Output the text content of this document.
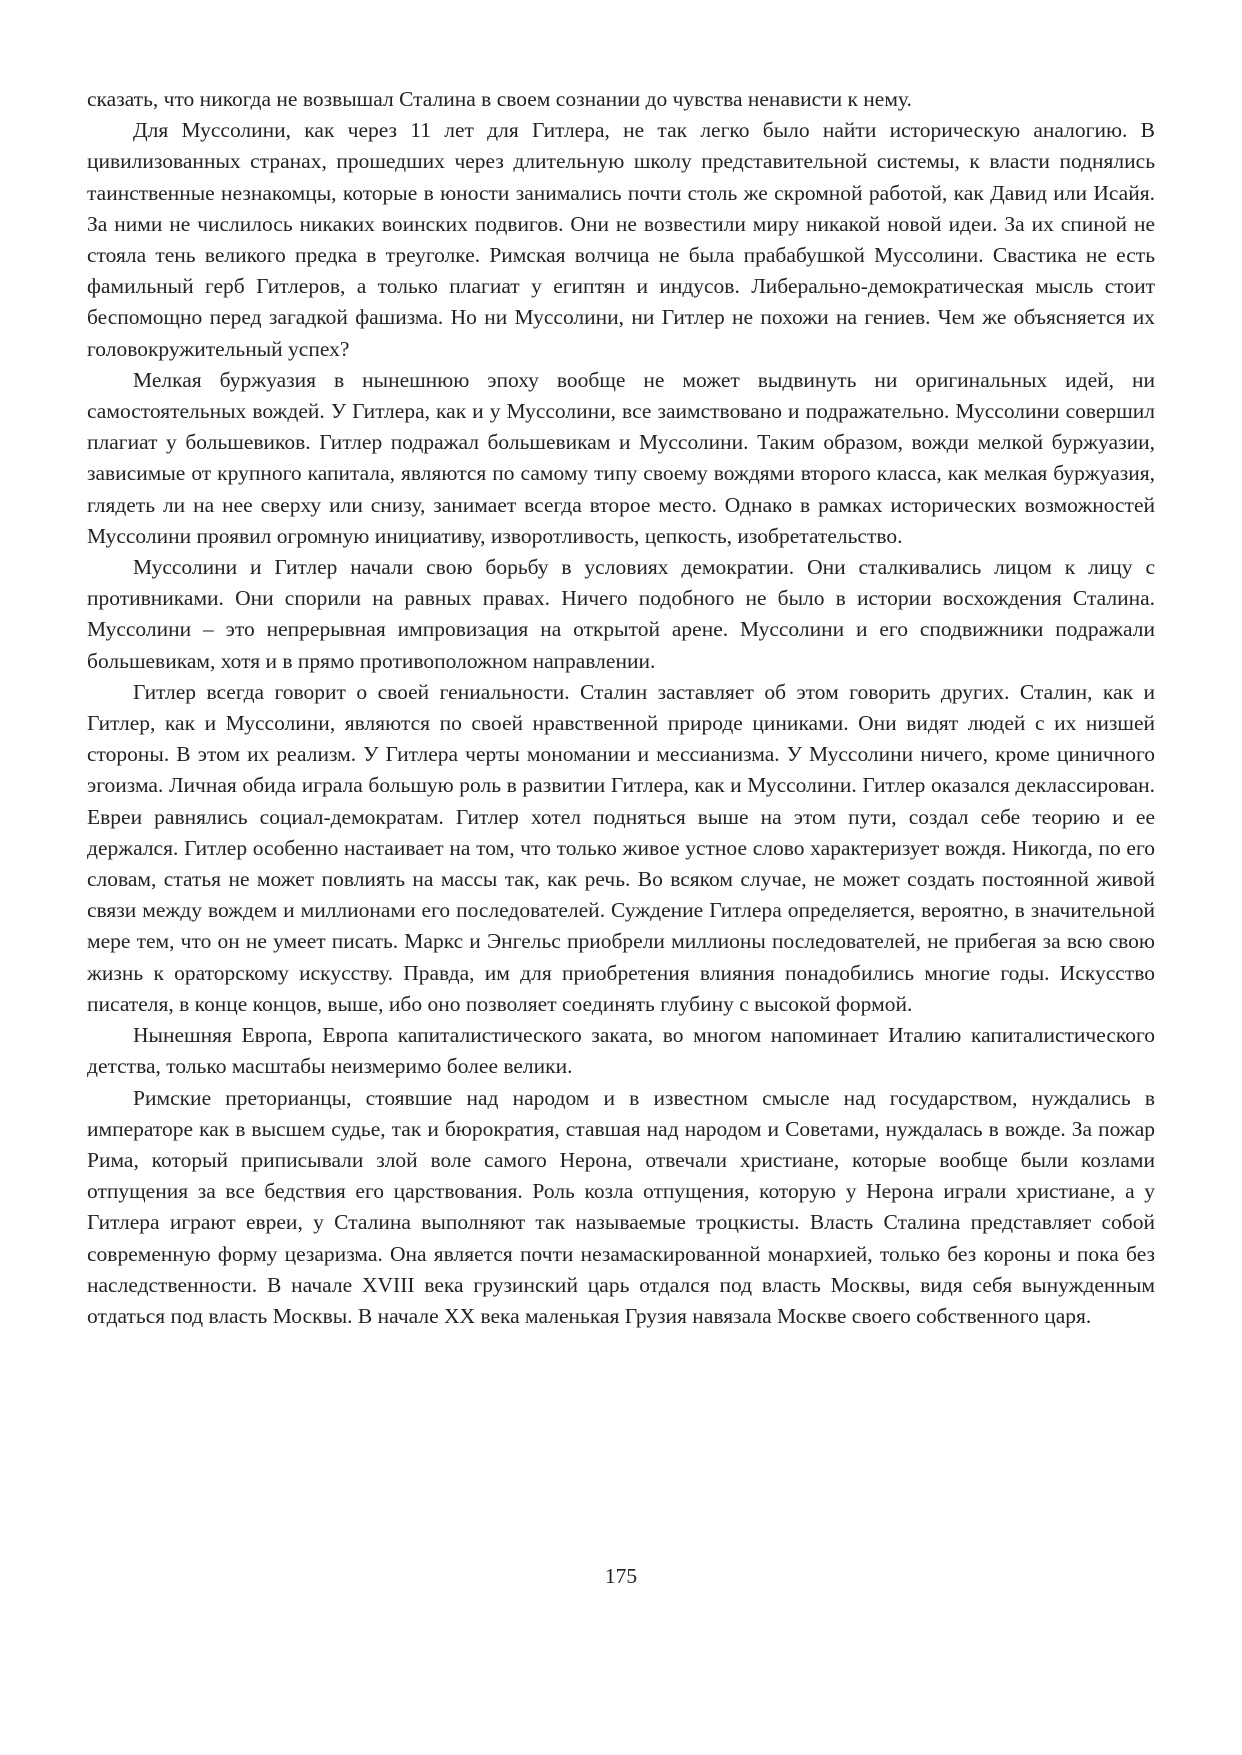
сказать, что никогда не возвышал Сталина в своем сознании до чувства ненависти к нему.

Для Муссолини, как через 11 лет для Гитлера, не так легко было найти историческую аналогию. В цивилизованных странах, прошедших через длительную школу представительной системы, к власти поднялись таинственные незнакомцы, которые в юности занимались почти столь же скромной работой, как Давид или Исайя. За ними не числилось никаких воинских подвигов. Они не возвестили миру никакой новой идеи. За их спиной не стояла тень великого предка в треуголке. Римская волчица не была прабабушкой Муссолини. Свастика не есть фамильный герб Гитлеров, а только плагиат у египтян и индусов. Либерально-демократическая мысль стоит беспомощно перед загадкой фашизма. Но ни Муссолини, ни Гитлер не похожи на гениев. Чем же объясняется их головокружительный успех?

Мелкая буржуазия в нынешнюю эпоху вообще не может выдвинуть ни оригинальных идей, ни самостоятельных вождей. У Гитлера, как и у Муссолини, все заимствовано и подражательно. Муссолини совершил плагиат у большевиков. Гитлер подражал большевикам и Муссолини. Таким образом, вожди мелкой буржуазии, зависимые от крупного капитала, являются по самому типу своему вождями второго класса, как мелкая буржуазия, глядеть ли на нее сверху или снизу, занимает всегда второе место. Однако в рамках исторических возможностей Муссолини проявил огромную инициативу, изворотливость, цепкость, изобретательство.

Муссолини и Гитлер начали свою борьбу в условиях демократии. Они сталкивались лицом к лицу с противниками. Они спорили на равных правах. Ничего подобного не было в истории восхождения Сталина. Муссолини – это непрерывная импровизация на открытой арене. Муссолини и его сподвижники подражали большевикам, хотя и в прямо противоположном направлении.

Гитлер всегда говорит о своей гениальности. Сталин заставляет об этом говорить других. Сталин, как и Гитлер, как и Муссолини, являются по своей нравственной природе циниками. Они видят людей с их низшей стороны. В этом их реализм. У Гитлера черты мономании и мессианизма. У Муссолини ничего, кроме циничного эгоизма. Личная обида играла большую роль в развитии Гитлера, как и Муссолини. Гитлер оказался деклассирован. Евреи равнялись социал-демократам. Гитлер хотел подняться выше на этом пути, создал себе теорию и ее держался. Гитлер особенно настаивает на том, что только живое устное слово характеризует вождя. Никогда, по его словам, статья не может повлиять на массы так, как речь. Во всяком случае, не может создать постоянной живой связи между вождем и миллионами его последователей. Суждение Гитлера определяется, вероятно, в значительной мере тем, что он не умеет писать. Маркс и Энгельс приобрели миллионы последователей, не прибегая за всю свою жизнь к ораторскому искусству. Правда, им для приобретения влияния понадобились многие годы. Искусство писателя, в конце концов, выше, ибо оно позволяет соединять глубину с высокой формой.

Нынешняя Европа, Европа капиталистического заката, во многом напоминает Италию капиталистического детства, только масштабы неизмеримо более велики.

Римские преторианцы, стоявшие над народом и в известном смысле над государством, нуждались в императоре как в высшем судье, так и бюрократия, ставшая над народом и Советами, нуждалась в вожде. За пожар Рима, который приписывали злой воле самого Нерона, отвечали христиане, которые вообще были козлами отпущения за все бедствия его царствования. Роль козла отпущения, которую у Нерона играли христиане, а у Гитлера играют евреи, у Сталина выполняют так называемые троцкисты. Власть Сталина представляет собой современную форму цезаризма. Она является почти незамаскированной монархией, только без короны и пока без наследственности. В начале XVIII века грузинский царь отдался под власть Москвы, видя себя вынужденным отдаться под власть Москвы. В начале XX века маленькая Грузия навязала Москве своего собственного царя.

175
